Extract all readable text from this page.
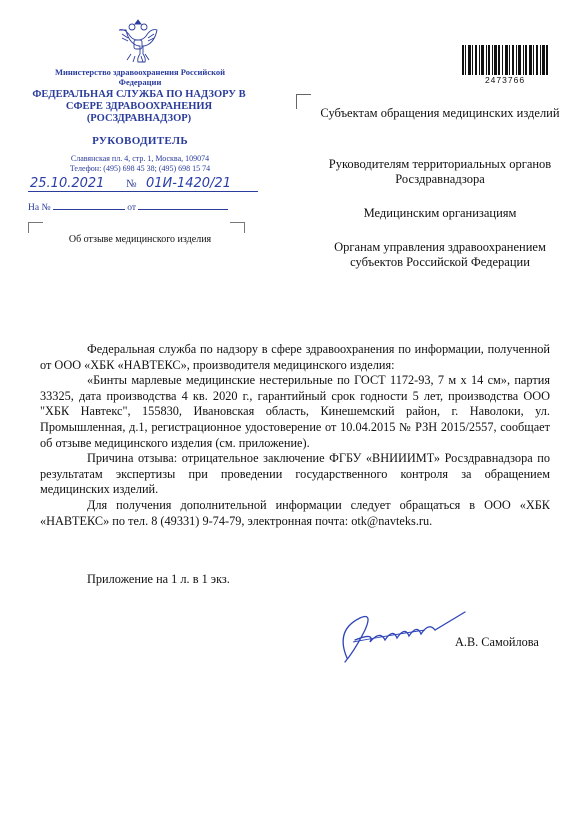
Министерство здравоохранения Российской Федерации
ФЕДЕРАЛЬНАЯ СЛУЖБА ПО НАДЗОРУ В СФЕРЕ ЗДРАВООХРАНЕНИЯ (РОСЗДРАВНАДЗОР)
РУКОВОДИТЕЛЬ
Славянская пл. 4, стр. 1, Москва, 109074
Телефон: (495) 698 45 38; (495) 698 15 74
25.10.2021 № 01И-1420/21
На №	от
Об отзыве медицинского изделия
2473766
Субъектам обращения медицинских изделий
Руководителям территориальных органов Росздравнадзора
Медицинским организациям
Органам управления здравоохранением субъектов Российской Федерации

Федеральная служба по надзору в сфере здравоохранения по информации, полученной от ООО «ХБК «НАВТЕКС», производителя медицинского изделия:

«Бинты марлевые медицинские нестерильные по ГОСТ 1172-93, 7 м х 14 см», партия 33325, дата производства 4 кв. 2020 г., гарантийный срок годности 5 лет, производства ООО "ХБК Навтекс", 155830, Ивановская область, Кинешемский район, г. Наволоки, ул. Промышленная, д.1, регистрационное удостоверение от 10.04.2015 № РЗН 2015/2557, сообщает об отзыве медицинского изделия (см. приложение).

Причина отзыва: отрицательное заключение ФГБУ «ВНИИИМТ» Росздравнадзора по результатам экспертизы при проведении государственного контроля за обращением медицинских изделий.

Для получения дополнительной информации следует обращаться в ООО «ХБК «НАВТЕКС» по тел. 8 (49331) 9-74-79, электронная почта: otk@navteks.ru.

Приложение на 1 л. в 1 экз.
А.В. Самойлова
